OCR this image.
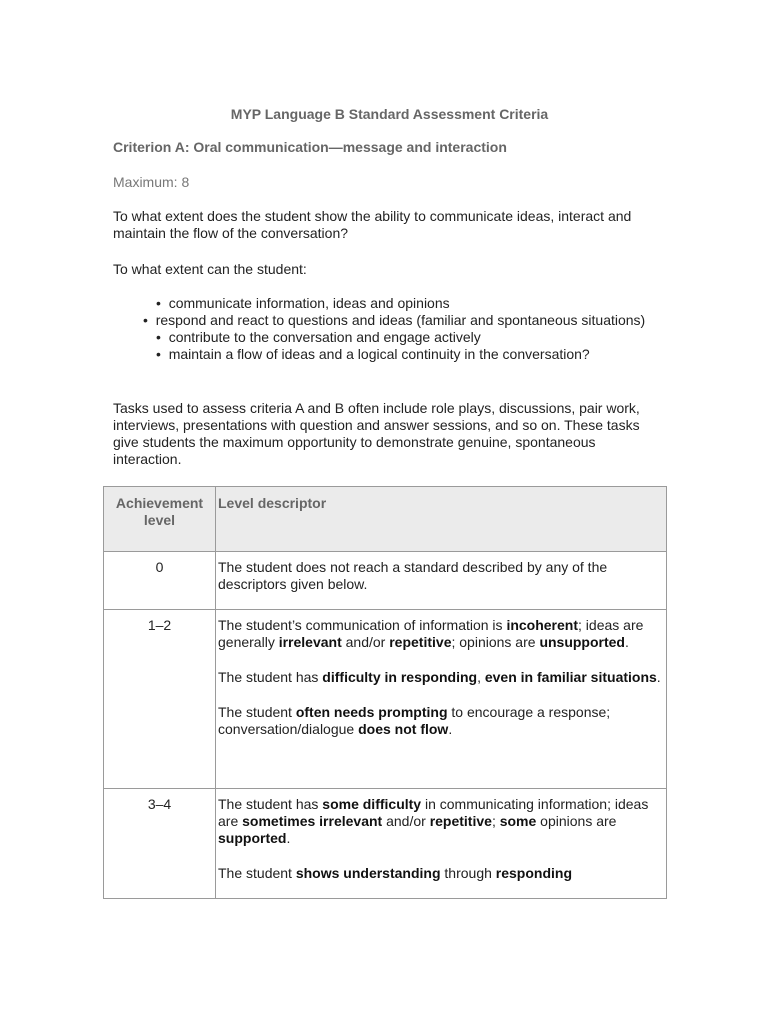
MYP Language B Standard Assessment Criteria
Criterion A: Oral communication—message and interaction
Maximum: 8
To what extent does the student show the ability to communicate ideas, interact and maintain the flow of the conversation?
To what extent can the student:
•  communicate information, ideas and opinions
•  respond and react to questions and ideas (familiar and spontaneous situations)
•  contribute to the conversation and engage actively
•  maintain a flow of ideas and a logical continuity in the conversation?
Tasks used to assess criteria A and B often include role plays, discussions, pair work, interviews, presentations with question and answer sessions, and so on. These tasks give students the maximum opportunity to demonstrate genuine, spontaneous interaction.
Achievement level	Level descriptor
0	The student does not reach a standard described by any of the descriptors given below.

1–2	The student’s communication of information is incoherent; ideas are generally irrelevant and/or repetitive; opinions are unsupported.

The student has difficulty in responding, even in familiar situations.

The student often needs prompting to encourage a response; conversation/dialogue does not flow.

3–4	The student has some difficulty in communicating information; ideas are sometimes irrelevant and/or repetitive; some opinions are supported.

The student shows understanding through responding
